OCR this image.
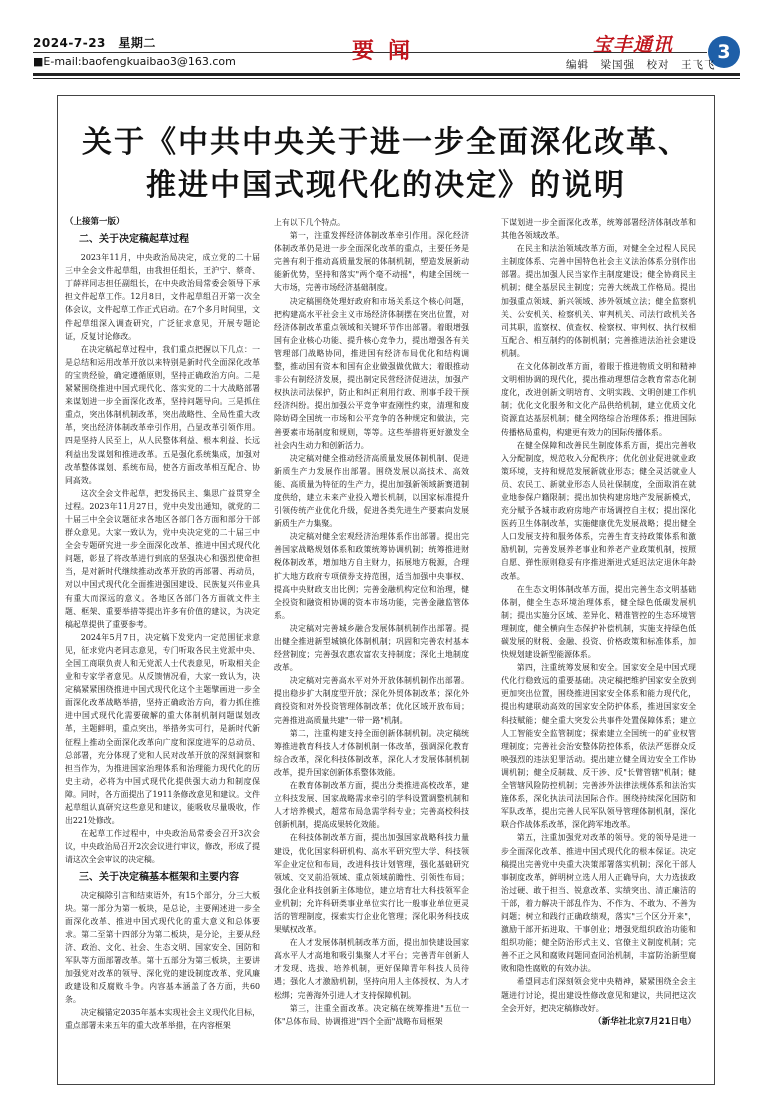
2024-7-23　星期二
■E-mail:baofengkuaibao3@163.com	要闻	宝丰通讯	3
编辑　梁国强　校对　王飞飞
关于《中共中央关于进一步全面深化改革、
推进中国式现代化的决定》的说明
（上接第一版）
二、关于决定稿起草过程

2023年11月，中央政治局决定，成立党的二十届三中全会文件起草组，由我担任组长，王沪宁、蔡奇、丁薛祥同志担任副组长，在中央政治局常委会领导下承担文件起草工作。12月8日，文件起草组召开第一次全体会议，文件起草工作正式启动。在7个多月时间里，文件起草组深入调查研究，广泛征求意见，开展专题论证，反复讨论修改。

在决定稿起草过程中，我们重点把握以下几点：一是总结和运用改革开放以来特别是新时代全面深化改革的宝贵经验，确定遵循原则，坚持正确政治方向。二是紧紧围绕推进中国式现代化、落实党的二十大战略部署来谋划进一步全面深化改革，坚持问题导向。三是抓住重点，突出体制机制改革，突出战略性、全局性重大改革，突出经济体制改革牵引作用，凸显改革引领作用。四是坚持人民至上，从人民整体利益、根本利益、长远利益出发谋划和推进改革。五是强化系统集成，加强对改革整体谋划、系统布局，使各方面改革相互配合、协同高效。

这次全会文件起草，把发扬民主、集思广益贯穿全过程。2023年11月27日，党中央发出通知，就党的二十届三中全会议题征求各地区各部门各方面和部分干部群众意见。大家一致认为，党中央决定党的二十届三中全会专题研究进一步全面深化改革、推进中国式现代化问题，彰显了将改革进行到底的坚强决心和强烈使命担当，是对新时代继续推动改革开放的再部署、再动员，对以中国式现代化全面推进强国建设、民族复兴伟业具有重大而深远的意义。各地区各部门各方面就文件主题、框架、重要举措等提出许多有价值的建议，为决定稿起草提供了重要参考。

2024年5月7日，决定稿下发党内一定范围征求意见，征求党内老同志意见，专门听取各民主党派中央、全国工商联负责人和无党派人士代表意见，听取相关企业和专家学者意见。从反馈情况看，大家一致认为，决定稿紧紧围绕推进中国式现代化这个主题擘画进一步全面深化改革战略举措，坚持正确政治方向，着力抓住推进中国式现代化需要破解的重大体制机制问题谋划改革，主题鲜明，重点突出，举措务实可行，是新时代新征程上推动全面深化改革向广度和深度进军的总动员、总部署，充分体现了党和人民对改革开放的深刻洞察和担当作为，为推进国家治理体系和治理能力现代化的历史主动，必将为中国式现代化提供强大动力和制度保障。同时，各方面提出了1911条修改意见和建议。文件起草组认真研究这些意见和建议，能吸收尽量吸收，作出221处修改。

在起草工作过程中，中央政治局常委会召开3次会议，中央政治局召开2次会议进行审议，修改，形成了提请这次全会审议的决定稿。

三、关于决定稿基本框架和主要内容

决定稿除引言和结束语外，有15个部分，分三大板块。第一部分为第一板块，是总论，主要阐述进一步全面深化改革、推进中国式现代化的重大意义和总体要求。第二至第十四部分为第二板块，是分论，主要从经济、政治、文化、社会、生态文明、国家安全、国防和军队等方面部署改革。第十五部分为第三板块，主要讲加强党对改革的领导、深化党的建设制度改革、党风廉政建设和反腐败斗争。内容基本涵盖了各方面，共60条。

决定稿锚定2035年基本实现社会主义现代化目标，重点部署未来五年的重大改革举措，在内容框架

上有以下几个特点。

第一，注重发挥经济体制改革牵引作用。深化经济体制改革仍是进一步全面深化改革的重点，主要任务是完善有利于推动高质量发展的体制机制，塑造发展新动能新优势，坚持和落实"两个毫不动摇"，构建全国统一大市场，完善市场经济基础制度。

决定稿围绕处理好政府和市场关系这个核心问题，把构建高水平社会主义市场经济体制摆在突出位置，对经济体制改革重点领域和关键环节作出部署。着眼增强国有企业核心功能、提升核心竞争力，提出增强各有关管理部门战略协同，推进国有经济布局优化和结构调整，推动国有资本和国有企业做强做优做大；着眼推动非公有制经济发展，提出制定民营经济促进法，加强产权执法司法保护，防止和纠正利用行政、刑事手段干预经济纠纷。提出加强公平竞争审查刚性约束，清理和废除妨碍全国统一市场和公平竞争的各种规定和做法，完善要素市场制度和规则，等等。这些举措将更好激发全社会内生动力和创新活力。

决定稿对健全推动经济高质量发展体制机制、促进新质生产力发展作出部署。围绕发展以高技术、高效能、高质量为特征的生产力，提出加强新领域新赛道制度供给，建立未来产业投入增长机制，以国家标准提升引领传统产业优化升级，促进各类先进生产要素向发展新质生产力集聚。

决定稿对健全宏观经济治理体系作出部署。提出完善国家战略规划体系和政策统筹协调机制；统筹推进财税体制改革，增加地方自主财力，拓展地方税源，合理扩大地方政府专项债券支持范围，适当加强中央事权、提高中央财政支出比例；完善金融机构定位和治理，健全投资和融资相协调的资本市场功能，完善金融监管体系。

决定稿对完善城乡融合发展体制机制作出部署。提出健全推进新型城镇化体制机制；巩固和完善农村基本经营制度；完善强农惠农富农支持制度；深化土地制度改革。

决定稿对完善高水平对外开放体制机制作出部署。提出稳步扩大制度型开放；深化外贸体制改革；深化外商投资和对外投资管理体制改革；优化区域开放布局；完善推进高质量共建"一带一路"机制。

第二，注重构建支持全面创新体制机制。决定稿统筹推进教育科技人才体制机制一体改革，强调深化教育综合改革，深化科技体制改革，深化人才发展体制机制改革，提升国家创新体系整体效能。

在教育体制改革方面，提出分类推进高校改革，建立科技发展、国家战略需求牵引的学科设置调整机制和人才培养模式，超常布局急需学科专业；完善高校科技创新机制，提高成果转化效能。

在科技体制改革方面，提出加强国家战略科技力量建设，优化国家科研机构、高水平研究型大学、科技领军企业定位和布局，改进科技计划管理，强化基础研究领域、交叉前沿领域、重点领域前瞻性、引领性布局；强化企业科技创新主体地位，建立培育壮大科技领军企业机制；允许科研类事业单位实行比一般事业单位更灵活的管理制度，探索实行企业化管理；深化职务科技成果赋权改革。

在人才发展体制机制改革方面，提出加快建设国家高水平人才高地和吸引集聚人才平台；完善青年创新人才发现、选拔、培养机制，更好保障青年科技人员待遇；强化人才激励机制，坚持向用人主体授权、为人才松绑；完善海外引进人才支持保障机制。

第三，注重全面改革。决定稿在统筹推进"五位一体"总体布局、协调推进"四个全面"战略布局框架

下谋划进一步全面深化改革，统筹部署经济体制改革和其他各领域改革。

在民主和法治领域改革方面，对健全全过程人民民主制度体系、完善中国特色社会主义法治体系分别作出部署。提出加强人民当家作主制度建设；健全协商民主机制；健全基层民主制度；完善大统战工作格局。提出加强重点领域、新兴领域、涉外领域立法；健全监察机关、公安机关、检察机关、审判机关、司法行政机关各司其职，监察权、侦查权、检察权、审判权、执行权相互配合、相互制约的体制机制；完善推进法治社会建设机制。

在文化体制改革方面，着眼于推进物质文明和精神文明相协调的现代化，提出推动理想信念教育常态化制度化，改进创新文明培育、文明实践、文明创建工作机制；优化文化服务和文化产品供给机制，建立优质文化资源直达基层机制；健全网络综合治理体系；推进国际传播格局重构，构建更有效力的国际传播体系。

在健全保障和改善民生制度体系方面，提出完善收入分配制度，规范收入分配秩序；优化创业促进就业政策环境，支持和规范发展新就业形态；健全灵活就业人员、农民工、新就业形态人员社保制度，全面取消在就业地参保户籍限制；提出加快构建房地产发展新模式，充分赋予各城市政府房地产市场调控自主权；提出深化医药卫生体制改革，实施健康优先发展战略；提出健全人口发展支持和服务体系，完善生育支持政策体系和激励机制，完善发展养老事业和养老产业政策机制，按照自愿、弹性原则稳妥有序推进渐进式延迟法定退休年龄改革。

在生态文明体制改革方面，提出完善生态文明基础体制，健全生态环境治理体系，健全绿色低碳发展机制；提出实施分区域、差异化、精准管控的生态环境管理制度，健全横向生态保护补偿机制，实施支持绿色低碳发展的财税、金融、投资、价格政策和标准体系，加快规划建设新型能源体系。

第四，注重统筹发展和安全。国家安全是中国式现代化行稳致远的重要基础。决定稿把维护国家安全放到更加突出位置，围绕推进国家安全体系和能力现代化，提出构建联动高效的国家安全防护体系，推进国家安全科技赋能；健全重大突发公共事件处置保障体系；建立人工智能安全监管制度；探索建立全国统一的矿业权管理制度；完善社会治安整体防控体系，依法严惩群众反映强烈的违法犯罪活动。提出建立健全周边安全工作协调机制；健全反制裁、反干涉、反"长臂管辖"机制；健全管辖风险防控机制；完善涉外法律法规体系和法治实施体系，深化执法司法国际合作。围绕持续深化国防和军队改革，提出完善人民军队领导管理体制机制，深化联合作战体系改革，深化跨军地改革。

第五，注重加强党对改革的领导。党的领导是进一步全面深化改革、推进中国式现代化的根本保证。决定稿提出完善党中央重大决策部署落实机制；深化干部人事制度改革，鲜明树立选人用人正确导向，大力选拔政治过硬、敢于担当、锐意改革、实绩突出、清正廉洁的干部，着力解决干部乱作为、不作为、不敢为、不善为问题；树立和践行正确政绩观，落实"三个区分开来"，激励干部开拓进取、干事创业；增强党组织政治功能和组织功能；健全防治形式主义、官僚主义制度机制；完善不正之风和腐败问题同查同治机制，丰富防治新型腐败和隐性腐败的有效办法。

希望同志们深刻领会党中央精神，紧紧围绕全会主题进行讨论，提出建设性修改意见和建议，共同把这次全会开好，把决定稿修改好。

（新华社北京7月21日电）
